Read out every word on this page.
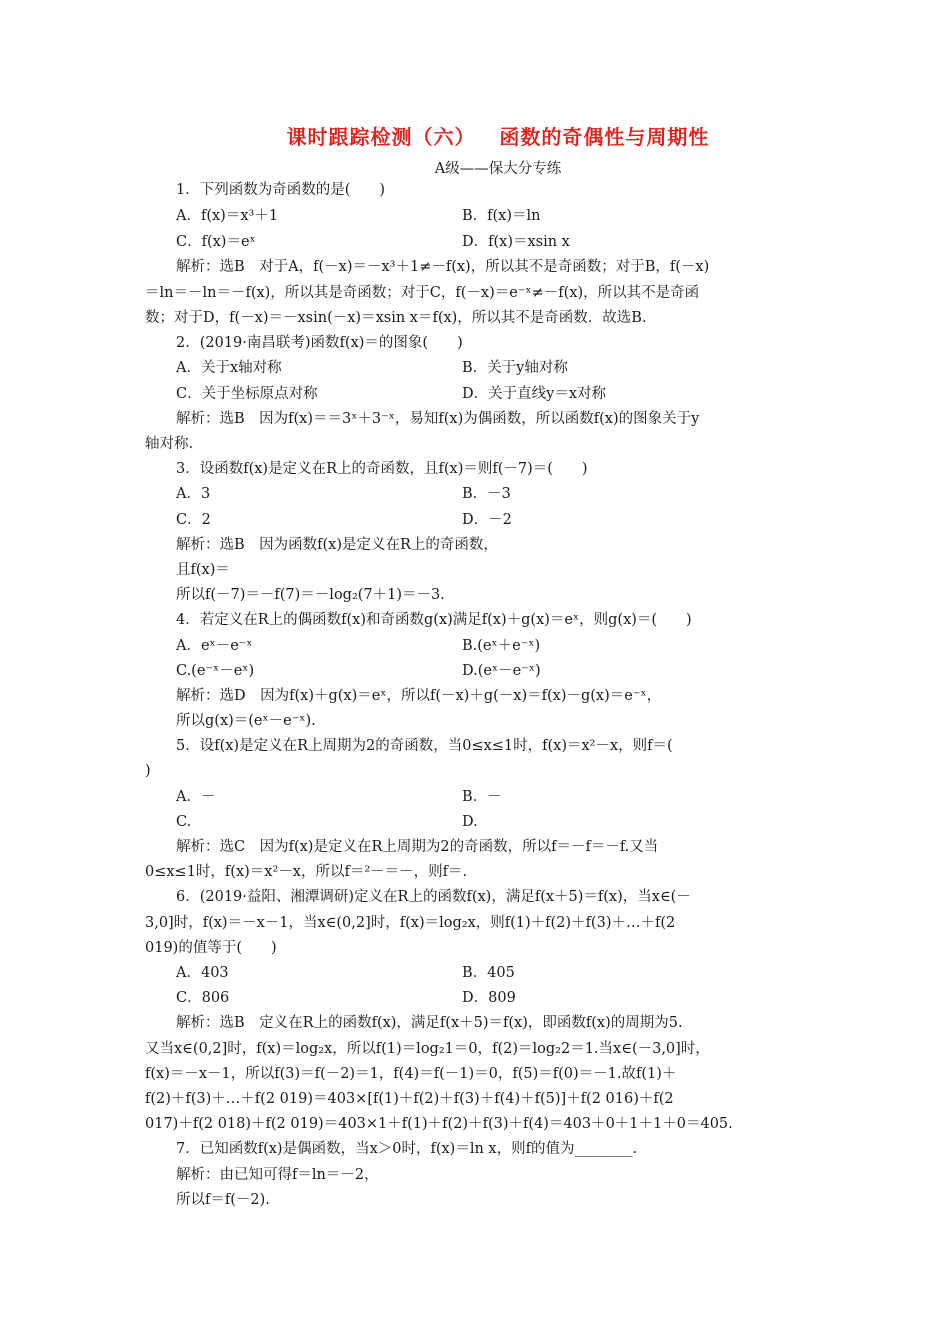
课时跟踪检测（六）   函数的奇偶性与周期性
A级——保大分专练
1．下列函数为奇函数的是(　　)
A．f(x)＝x³＋1	B．f(x)＝ln
C．f(x)＝eˣ	D．f(x)＝xsin x
解析：选B　对于A，f(－x)＝－x³＋1≠－f(x)，所以其不是奇函数；对于B，f(－x)
＝ln＝－ln＝－f(x)，所以其是奇函数；对于C，f(－x)＝e⁻ˣ≠－f(x)，所以其不是奇函
数；对于D，f(－x)＝－xsin(－x)＝xsin x＝f(x)，所以其不是奇函数．故选B.
2．(2019·南昌联考)函数f(x)＝的图象(　　)
A．关于x轴对称	B．关于y轴对称
C．关于坐标原点对称	D．关于直线y＝x对称
解析：选B　因为f(x)＝＝3ˣ＋3⁻ˣ，易知f(x)为偶函数，所以函数f(x)的图象关于y
轴对称.
3．设函数f(x)是定义在R上的奇函数，且f(x)＝则f(－7)＝(　　)
A．3	B．－3
C．2	D．－2
解析：选B　因为函数f(x)是定义在R上的奇函数，
且f(x)＝
所以f(－7)＝－f(7)＝－log₂(7＋1)＝－3.
4．若定义在R上的偶函数f(x)和奇函数g(x)满足f(x)＋g(x)＝eˣ，则g(x)＝(　　)
A．eˣ－e⁻ˣ	B.(eˣ＋e⁻ˣ)
C.(e⁻ˣ－eˣ)	D.(eˣ－e⁻ˣ)
解析：选D　因为f(x)＋g(x)＝eˣ，所以f(－x)＋g(－x)＝f(x)－g(x)＝e⁻ˣ，
所以g(x)＝(eˣ－e⁻ˣ).
5．设f(x)是定义在R上周期为2的奇函数，当0≤x≤1时，f(x)＝x²－x，则f＝(
)
A．－	B．－
C.	D.
解析：选C　因为f(x)是定义在R上周期为2的奇函数，所以f＝－f＝－f.又当
0≤x≤1时，f(x)＝x²－x，所以f＝²－＝－，则f＝.
6．(2019·益阳、湘潭调研)定义在R上的函数f(x)，满足f(x＋5)＝f(x)，当x∈(－
3,0]时，f(x)＝－x－1，当x∈(0,2]时，f(x)＝log₂x，则f(1)＋f(2)＋f(3)＋…＋f(2
019)的值等于(　　)
A．403	B．405
C．806	D．809
解析：选B　定义在R上的函数f(x)，满足f(x＋5)＝f(x)，即函数f(x)的周期为5.
又当x∈(0,2]时，f(x)＝log₂x，所以f(1)＝log₂1＝0，f(2)＝log₂2＝1.当x∈(－3,0]时，
f(x)＝－x－1，所以f(3)＝f(－2)＝1，f(4)＝f(－1)＝0，f(5)＝f(0)＝－1.故f(1)＋
f(2)＋f(3)＋…＋f(2 019)＝403×[f(1)＋f(2)＋f(3)＋f(4)＋f(5)]＋f(2 016)＋f(2
017)＋f(2 018)＋f(2 019)＝403×1＋f(1)＋f(2)＋f(3)＋f(4)＝403＋0＋1＋1＋0＝405.
7．已知函数f(x)是偶函数，当x＞0时，f(x)＝ln x，则f的值为________.
解析：由已知可得f＝ln＝－2，
所以f＝f(－2).
